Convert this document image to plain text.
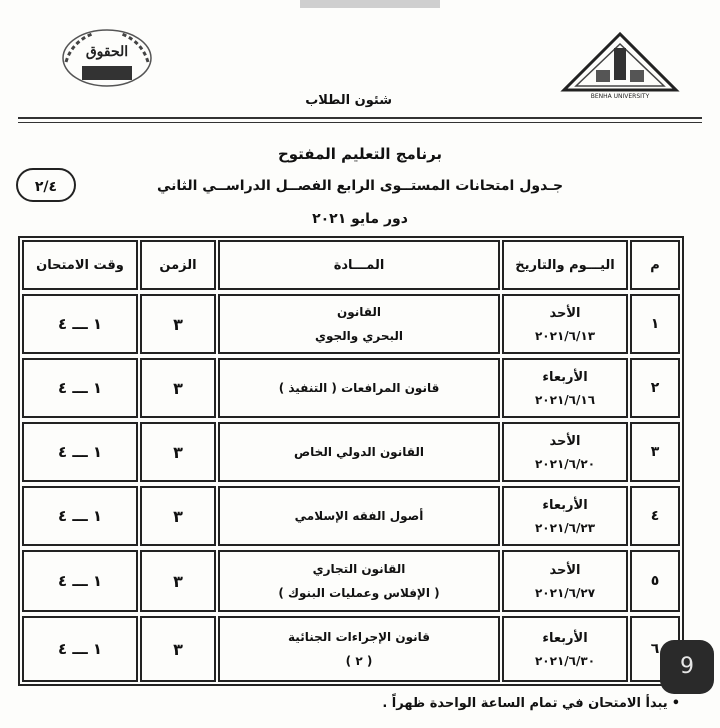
الحقوق
BENHA UNIVERSITY
شئون الطلاب
٢/٤
برنامج التعليم المفتوح
جـدول امتحانات المستــوى الرابع الفصــل الدراســي الثاني
دور مايو ٢٠٢١
م
اليـــوم والتاريخ
المـــادة
الزمن
وقت الامتحان
١
الأحد
٢٠٢١/٦/١٣
القانون
البحري والجوي
٣
١ ـــ ٤
٢
الأربعاء
٢٠٢١/٦/١٦
قانون المرافعات ( التنفيذ )
٣
١ ـــ ٤
٣
الأحد
٢٠٢١/٦/٢٠
القانون الدولي الخاص
٣
١ ـــ ٤
٤
الأربعاء
٢٠٢١/٦/٢٣
أصول الفقه الإسلامي
٣
١ ـــ ٤
٥
الأحد
٢٠٢١/٦/٢٧
القانون التجاري
( الإفلاس وعمليات البنوك )
٣
١ ـــ ٤
٦
الأربعاء
٢٠٢١/٦/٣٠
قانون الإجراءات الجنائية
( ٢ )
٣
١ ـــ ٤
•يبدأ الامتحان في تمام الساعة الواحدة ظهراً .
9
